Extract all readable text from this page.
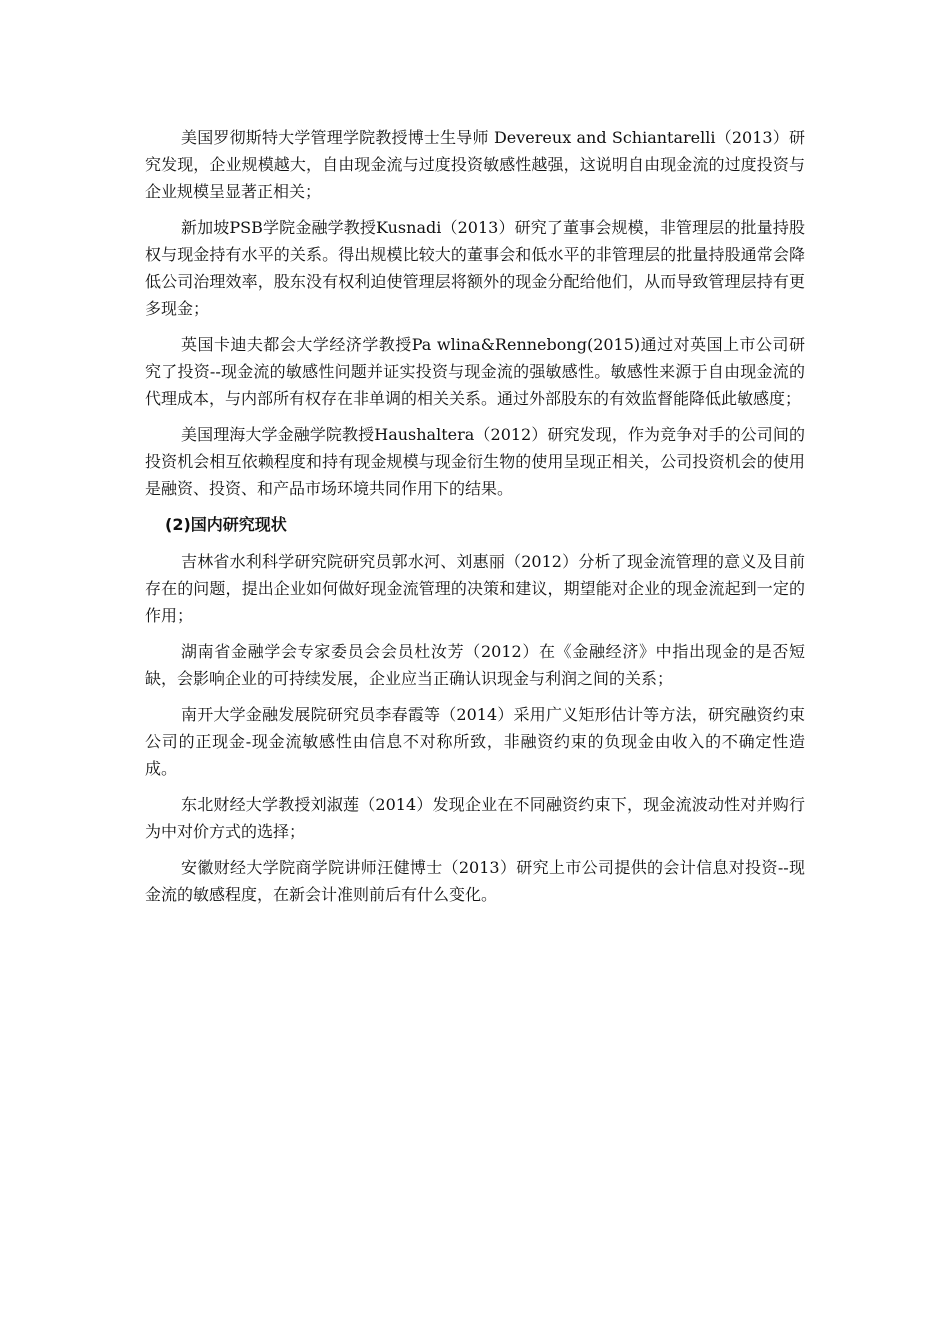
美国罗彻斯特大学管理学院教授博士生导师 Devereux and Schiantarelli（2013）研究发现，企业规模越大，自由现金流与过度投资敏感性越强，这说明自由现金流的过度投资与企业规模呈显著正相关；

新加坡PSB学院金融学教授Kusnadi（2013）研究了董事会规模，非管理层的批量持股权与现金持有水平的关系。得出规模比较大的董事会和低水平的非管理层的批量持股通常会降低公司治理效率，股东没有权利迫使管理层将额外的现金分配给他们，从而导致管理层持有更多现金；

英国卡迪夫都会大学经济学教授Pa wlina&Rennebong(2015)通过对英国上市公司研究了投资--现金流的敏感性问题并证实投资与现金流的强敏感性。敏感性来源于自由现金流的代理成本，与内部所有权存在非单调的相关关系。通过外部股东的有效监督能降低此敏感度；

美国理海大学金融学院教授Haushaltera（2012）研究发现，作为竞争对手的公司间的投资机会相互依赖程度和持有现金规模与现金衍生物的使用呈现正相关，公司投资机会的使用是融资、投资、和产品市场环境共同作用下的结果。

(2)国内研究现状

吉林省水利科学研究院研究员郭水河、刘惠丽（2012）分析了现金流管理的意义及目前存在的问题，提出企业如何做好现金流管理的决策和建议，期望能对企业的现金流起到一定的作用；

湖南省金融学会专家委员会会员杜汝芳（2012）在《金融经济》中指出现金的是否短缺，会影响企业的可持续发展，企业应当正确认识现金与利润之间的关系；

南开大学金融发展院研究员李春霞等（2014）采用广义矩形估计等方法，研究融资约束公司的正现金-现金流敏感性由信息不对称所致，非融资约束的负现金由收入的不确定性造成。

东北财经大学教授刘淑莲（2014）发现企业在不同融资约束下，现金流波动性对并购行为中对价方式的选择；

安徽财经大学院商学院讲师汪健博士（2013）研究上市公司提供的会计信息对投资--现金流的敏感程度，在新会计准则前后有什么变化。
